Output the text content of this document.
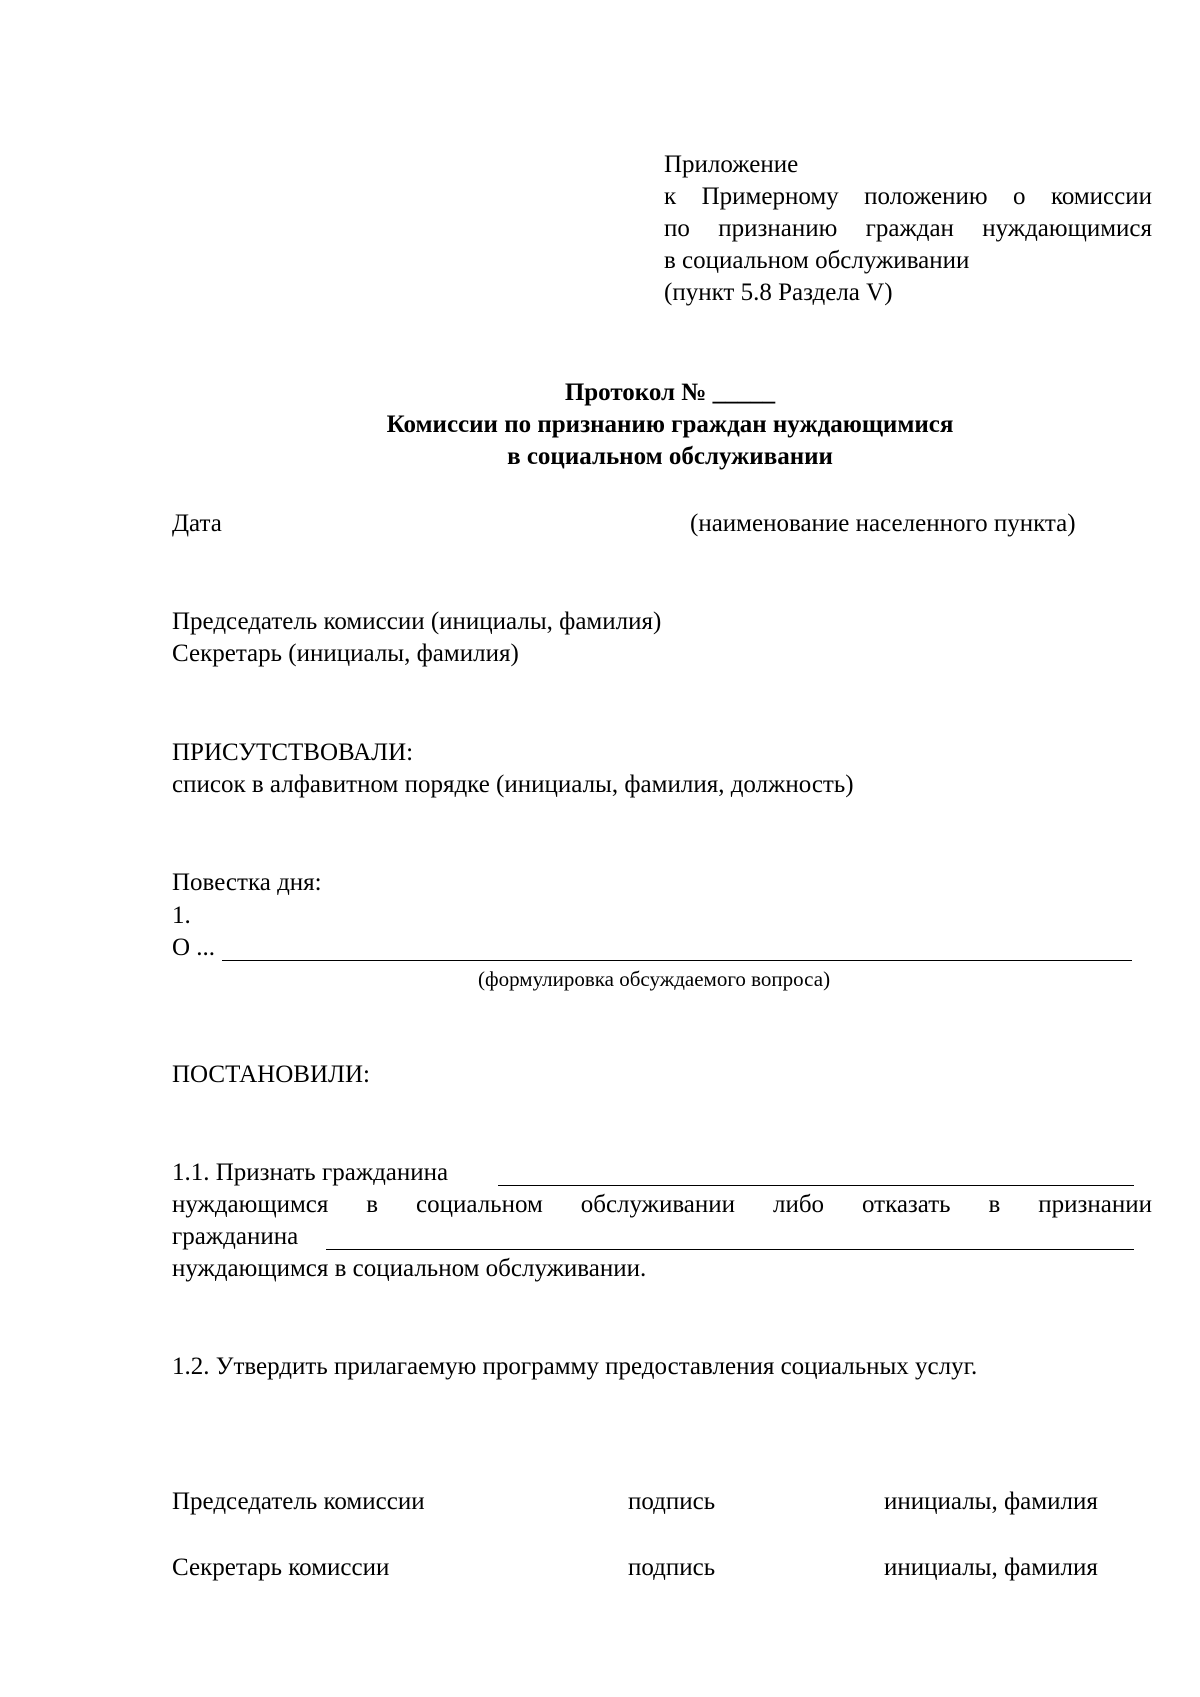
Приложение
к Примерному положению о комиссии
по признанию граждан нуждающимися
в социальном обслуживании
(пункт 5.8 Раздела V)
Протокол № _____
Комиссии по признанию граждан нуждающимися
в социальном обслуживании
Дата	(наименование населенного пункта)
Председатель комиссии (инициалы, фамилия)
Секретарь (инициалы, фамилия)
ПРИСУТСТВОВАЛИ:
список в алфавитном порядке (инициалы, фамилия, должность)
Повестка дня:
1.
О ...
(формулировка обсуждаемого вопроса)
ПОСТАНОВИЛИ:
1.1. Признать гражданина
нуждающимся в социальном обслуживании либо отказать в признании
гражданина
нуждающимся в социальном обслуживании.
1.2. Утвердить прилагаемую программу предоставления социальных услуг.
Председатель комиссии	подпись	инициалы, фамилия
Секретарь комиссии	подпись	инициалы, фамилия
